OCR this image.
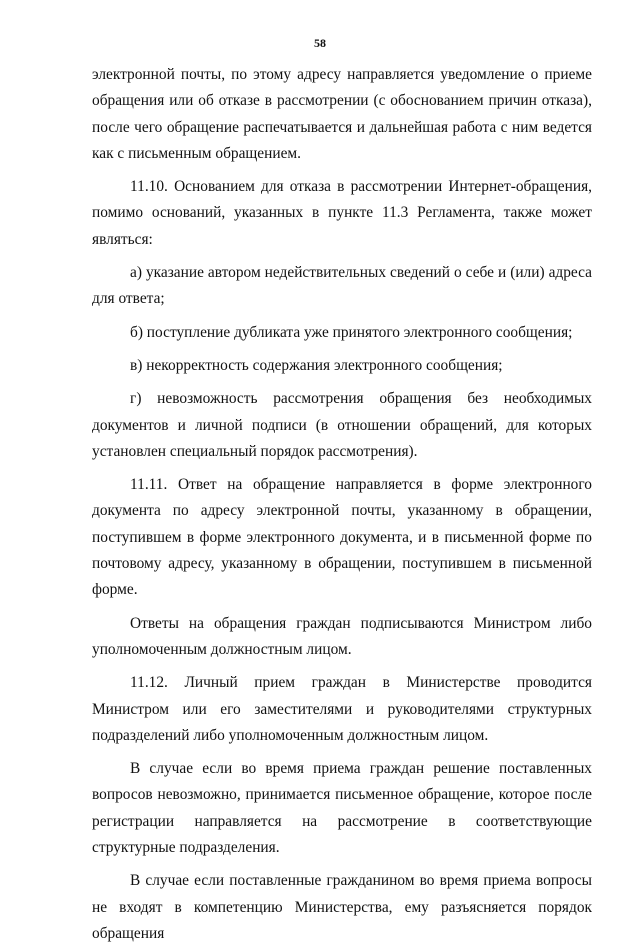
58

электронной почты, по этому адресу направляется уведомление о приеме обращения или об отказе в рассмотрении (с обоснованием причин отказа), после чего обращение распечатывается и дальнейшая работа с ним ведется как с письменным обращением.

11.10. Основанием для отказа в рассмотрении Интернет-обращения, помимо оснований, указанных в пункте 11.3 Регламента, также может являться:

а) указание автором недействительных сведений о себе и (или) адреса для ответа;

б) поступление дубликата уже принятого электронного сообщения;

в) некорректность содержания электронного сообщения;

г) невозможность рассмотрения обращения без необходимых документов и личной подписи (в отношении обращений, для которых установлен специальный порядок рассмотрения).

11.11. Ответ на обращение направляется в форме электронного документа по адресу электронной почты, указанному в обращении, поступившем в форме электронного документа, и в письменной форме по почтовому адресу, указанному в обращении, поступившем в письменной форме.

Ответы на обращения граждан подписываются Министром либо уполномоченным должностным лицом.

11.12. Личный прием граждан в Министерстве проводится Министром или его заместителями и руководителями структурных подразделений либо уполномоченным должностным лицом.

В случае если во время приема граждан решение поставленных вопросов невозможно, принимается письменное обращение, которое после регистрации направляется на рассмотрение в соответствующие структурные подразделения.

В случае если поставленные гражданином во время приема вопросы не входят в компетенцию Министерства, ему разъясняется порядок обращения
